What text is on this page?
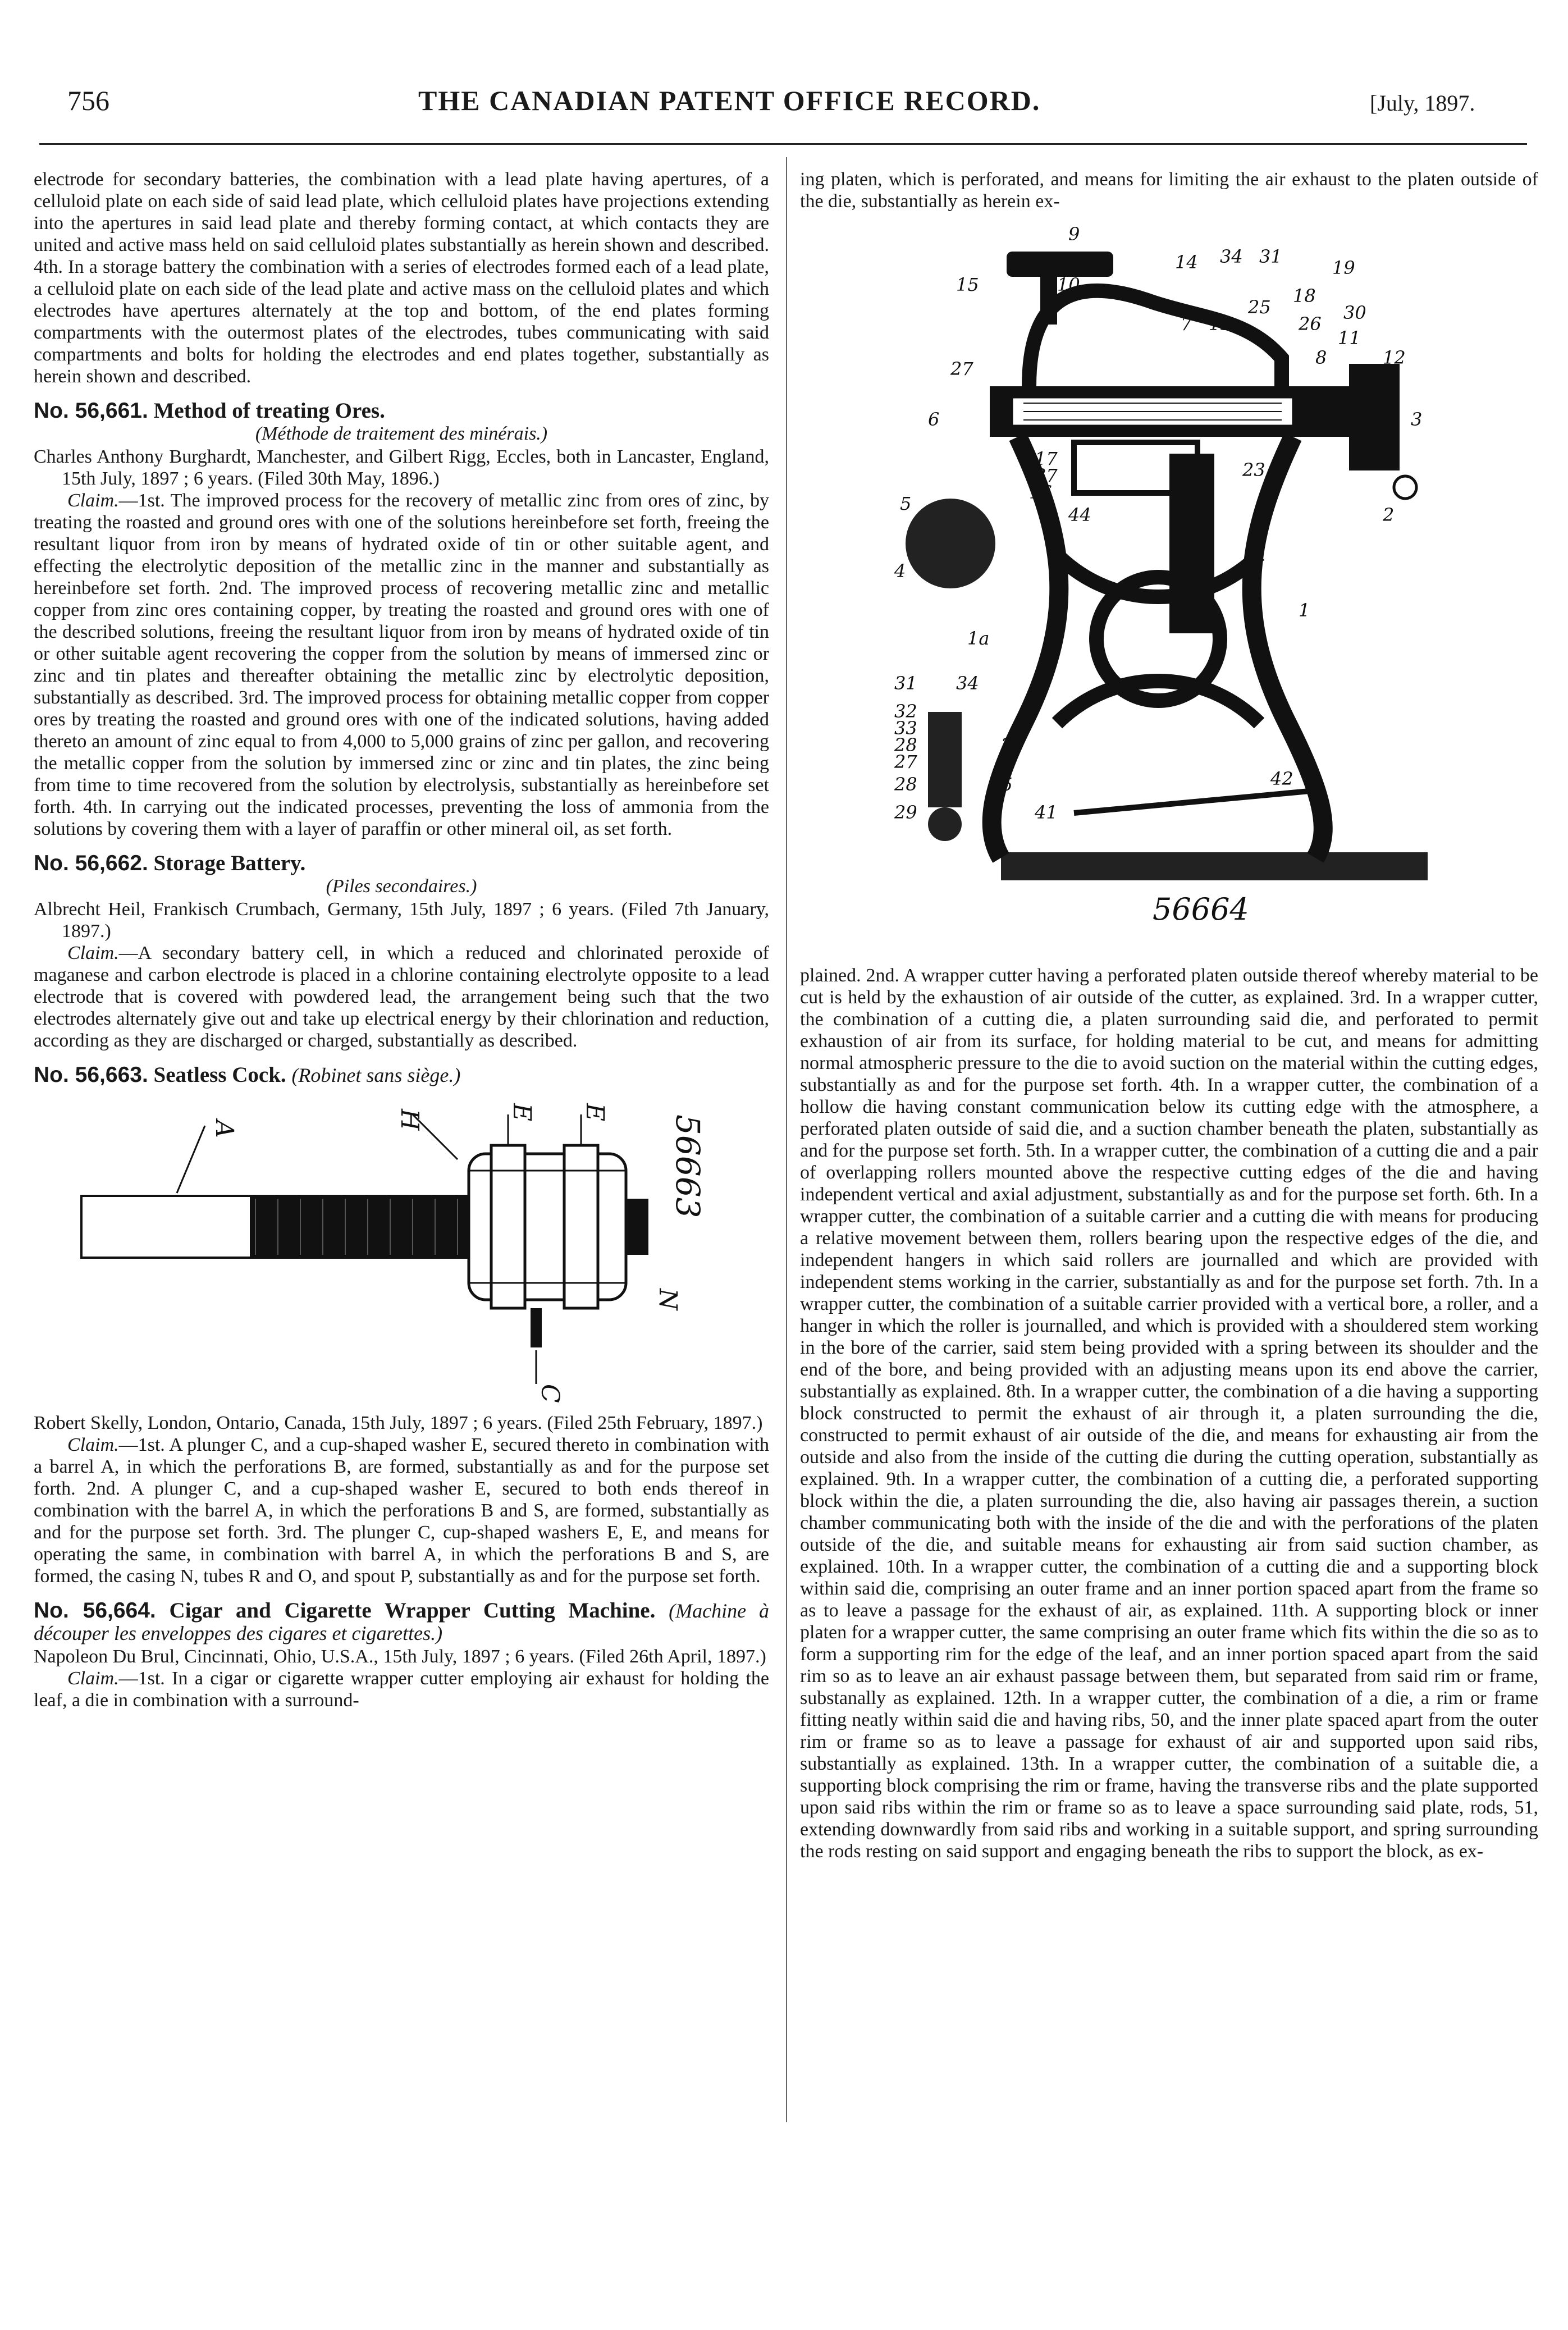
756	THE CANADIAN PATENT OFFICE RECORD.	[July, 1897.

electrode for secondary batteries, the combination with a lead plate having apertures, of a celluloid plate on each side of said lead plate, which celluloid plates have projections extending into the apertures in said lead plate and thereby forming contact, at which contacts they are united and active mass held on said celluloid plates substantially as herein shown and described. 4th. In a storage battery the combination with a series of electrodes formed each of a lead plate, a celluloid plate on each side of the lead plate and active mass on the celluloid plates and which electrodes have apertures alternately at the top and bottom, of the end plates forming compartments with the outermost plates of the electrodes, tubes communicating with said compartments and bolts for holding the electrodes and end plates together, substantially as herein shown and described.

No. 56,661. Method of treating Ores.

(Méthode de traitement des minérais.)

Charles Anthony Burghardt, Manchester, and Gilbert Rigg, Eccles, both in Lancaster, England, 15th July, 1897 ; 6 years. (Filed 30th May, 1896.)

Claim.—1st. The improved process for the recovery of metallic zinc from ores of zinc, by treating the roasted and ground ores with one of the solutions hereinbefore set forth, freeing the resultant liquor from iron by means of hydrated oxide of tin or other suitable agent, and effecting the electrolytic deposition of the metallic zinc in the manner and substantially as hereinbefore set forth. 2nd. The improved process of recovering metallic zinc and metallic copper from zinc ores containing copper, by treating the roasted and ground ores with one of the described solutions, freeing the resultant liquor from iron by means of hydrated oxide of tin or other suitable agent recovering the copper from the solution by means of immersed zinc or zinc and tin plates and thereafter obtaining the metallic zinc by electrolytic deposition, substantially as described. 3rd. The improved process for obtaining metallic copper from copper ores by treating the roasted and ground ores with one of the indicated solutions, having added thereto an amount of zinc equal to from 4,000 to 5,000 grains of zinc per gallon, and recovering the metallic copper from the solution by immersed zinc or zinc and tin plates, the zinc being from time to time recovered from the solution by electrolysis, substantially as hereinbefore set forth. 4th. In carrying out the indicated processes, preventing the loss of ammonia from the solutions by covering them with a layer of paraffin or other mineral oil, as set forth.

No. 56,662. Storage Battery.

(Piles secondaires.)

Albrecht Heil, Frankisch Crumbach, Germany, 15th July, 1897 ; 6 years. (Filed 7th January, 1897.)

Claim.—A secondary battery cell, in which a reduced and chlorinated peroxide of maganese and carbon electrode is placed in a chlorine containing electrolyte opposite to a lead electrode that is covered with powdered lead, the arrangement being such that the two electrodes alternately give out and take up electrical energy by their chlorination and reduction, according as they are discharged or charged, substantially as described.

No. 56,663. Seatless Cock. (Robinet sans siège.)

A	H	E E
C
N
56663

Robert Skelly, London, Ontario, Canada, 15th July, 1897 ; 6 years. (Filed 25th February, 1897.)

Claim.—1st. A plunger C, and a cup-shaped washer E, secured thereto in combination with a barrel A, in which the perforations B, are formed, substantially as and for the purpose set forth. 2nd. A plunger C, and a cup-shaped washer E, secured to both ends thereof in combination with the barrel A, in which the perforations B and S, are formed, substantially as and for the purpose set forth. 3rd. The plunger C, cup-shaped washers E, E, and means for operating the same, in combination with barrel A, in which the perforations B and S, are formed, the casing N, tubes R and O, and spout P, substantially as and for the purpose set forth.

No. 56,664. Cigar and Cigarette Wrapper Cutting Machine. (Machine à découper les enveloppes des cigares et cigarettes.)

Napoleon Du Brul, Cincinnati, Ohio, U.S.A., 15th July, 1897 ; 6 years. (Filed 26th April, 1897.)

Claim.—1st. In a cigar or cigarette wrapper cutter employing air exhaust for holding the leaf, a die in combination with a surround-

ing platen, which is perforated, and means for limiting the air exhaust to the platen outside of the die, substantially as herein ex-

9
15	10
14 34 31
19
18
30
7 13
25
26
11
8	12
27
6	3
17
37
16
23
2
44
5
4
1
1a
31 34
32
33
28
27
26
28	25
29	41
42
56664

plained. 2nd. A wrapper cutter having a perforated platen outside thereof whereby material to be cut is held by the exhaustion of air outside of the cutter, as explained. 3rd. In a wrapper cutter, the combination of a cutting die, a platen surrounding said die, and perforated to permit exhaustion of air from its surface, for holding material to be cut, and means for admitting normal atmospheric pressure to the die to avoid suction on the material within the cutting edges, substantially as and for the purpose set forth. 4th. In a wrapper cutter, the combination of a hollow die having constant communication below its cutting edge with the atmosphere, a perforated platen outside of said die, and a suction chamber beneath the platen, substantially as and for the purpose set forth. 5th. In a wrapper cutter, the combination of a cutting die and a pair of overlapping rollers mounted above the respective cutting edges of the die and having independent vertical and axial adjustment, substantially as and for the purpose set forth. 6th. In a wrapper cutter, the combination of a suitable carrier and a cutting die with means for producing a relative movement between them, rollers bearing upon the respective edges of the die, and independent hangers in which said rollers are journalled and which are provided with independent stems working in the carrier, substantially as and for the purpose set forth. 7th. In a wrapper cutter, the combination of a suitable carrier provided with a vertical bore, a roller, and a hanger in which the roller is journalled, and which is provided with a shouldered stem working in the bore of the carrier, said stem being provided with a spring between its shoulder and the end of the bore, and being provided with an adjusting means upon its end above the carrier, substantially as explained. 8th. In a wrapper cutter, the combination of a die having a supporting block constructed to permit the exhaust of air through it, a platen surrounding the die, constructed to permit exhaust of air outside of the die, and means for exhausting air from the outside and also from the inside of the cutting die during the cutting operation, substantially as explained. 9th. In a wrapper cutter, the combination of a cutting die, a perforated supporting block within the die, a platen surrounding the die, also having air passages therein, a suction chamber communicating both with the inside of the die and with the perforations of the platen outside of the die, and suitable means for exhausting air from said suction chamber, as explained. 10th. In a wrapper cutter, the combination of a cutting die and a supporting block within said die, comprising an outer frame and an inner portion spaced apart from the frame so as to leave a passage for the exhaust of air, as explained. 11th. A supporting block or inner platen for a wrapper cutter, the same comprising an outer frame which fits within the die so as to form a supporting rim for the edge of the leaf, and an inner portion spaced apart from the said rim so as to leave an air exhaust passage between them, but separated from said rim or frame, substanally as explained. 12th. In a wrapper cutter, the combination of a die, a rim or frame fitting neatly within said die and having ribs, 50, and the inner plate spaced apart from the outer rim or frame so as to leave a passage for exhaust of air and supported upon said ribs, substantially as explained. 13th. In a wrapper cutter, the combination of a suitable die, a supporting block comprising the rim or frame, having the transverse ribs and the plate supported upon said ribs within the rim or frame so as to leave a space surrounding said plate, rods, 51, extending downwardly from said ribs and working in a suitable support, and spring surrounding the rods resting on said support and engaging beneath the ribs to support the block, as ex-
